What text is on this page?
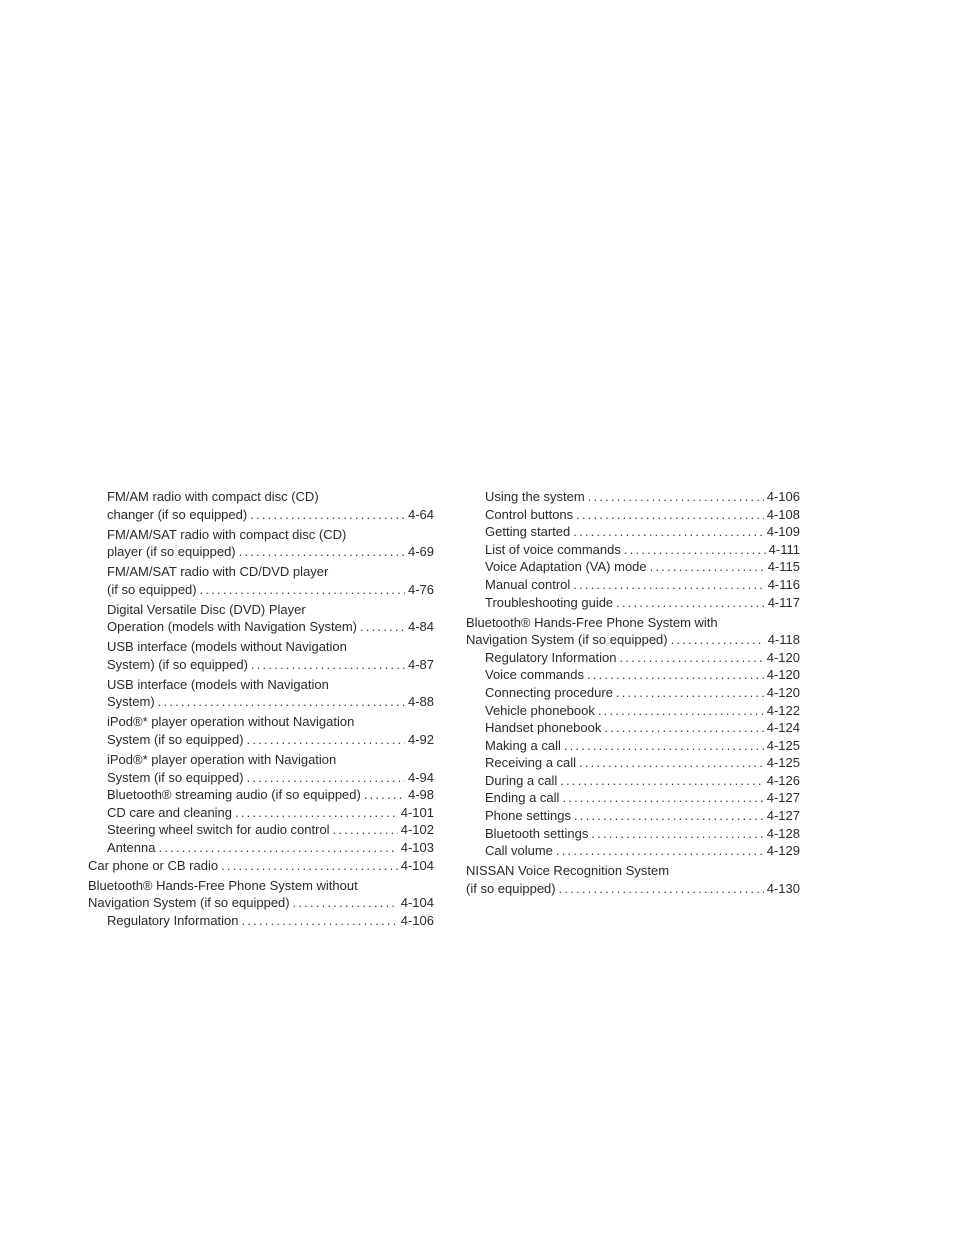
FM/AM radio with compact disc (CD)
changer (if so equipped) .....	4-64
FM/AM/SAT radio with compact disc (CD)
player (if so equipped) .....	4-69
FM/AM/SAT radio with CD/DVD player
(if so equipped) .....	4-76
Digital Versatile Disc (DVD) Player
Operation (models with Navigation System) .....	4-84
USB interface (models without Navigation
System) (if so equipped) .....	4-87
USB interface (models with Navigation
System) .....	4-88
iPod®* player operation without Navigation
System (if so equipped) .....	4-92
iPod®* player operation with Navigation
System (if so equipped) .....	4-94
Bluetooth® streaming audio (if so equipped) .....	4-98
CD care and cleaning .....	4-101
Steering wheel switch for audio control .....	4-102
Antenna .....	4-103
Car phone or CB radio .....	4-104
Bluetooth® Hands-Free Phone System without
Navigation System (if so equipped) .....	4-104
Regulatory Information .....	4-106
Using the system .....	4-106
Control buttons .....	4-108
Getting started .....	4-109
List of voice commands .....	4-111
Voice Adaptation (VA) mode .....	4-115
Manual control .....	4-116
Troubleshooting guide .....	4-117
Bluetooth® Hands-Free Phone System with
Navigation System (if so equipped) .....	4-118
Regulatory Information .....	4-120
Voice commands .....	4-120
Connecting procedure .....	4-120
Vehicle phonebook .....	4-122
Handset phonebook .....	4-124
Making a call .....	4-125
Receiving a call .....	4-125
During a call .....	4-126
Ending a call .....	4-127
Phone settings .....	4-127
Bluetooth settings .....	4-128
Call volume .....	4-129
NISSAN Voice Recognition System
(if so equipped) .....	4-130
